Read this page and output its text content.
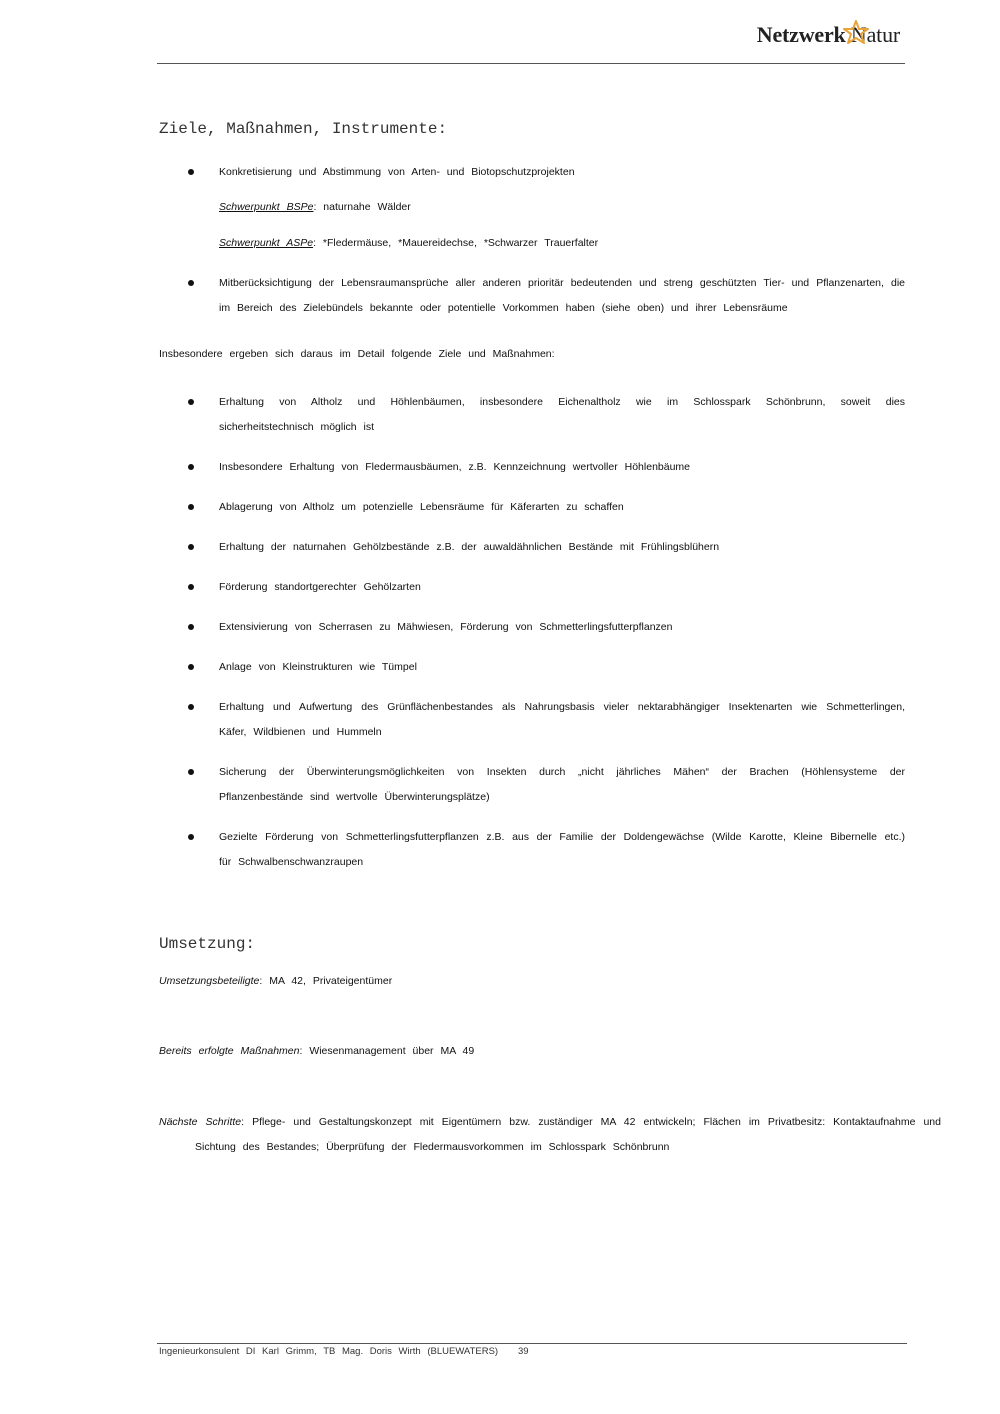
Netzwerk Natur
Ziele, Maßnahmen, Instrumente:
Konkretisierung und Abstimmung von Arten- und Biotopschutzprojekten
Schwerpunkt BSPe: naturnahe Wälder
Schwerpunkt ASPe: *Fledermäuse, *Mauereidechse, *Schwarzer Trauerfalter
Mitberücksichtigung der Lebensraumansprüche aller anderen prioritär bedeutenden und streng geschützten Tier- und Pflanzenarten, die im Bereich des Zielebündels bekannte oder potentielle Vorkommen haben (siehe oben) und ihrer Lebensräume
Insbesondere ergeben sich daraus im Detail folgende Ziele und Maßnahmen:
Erhaltung von Altholz und Höhlenbäumen, insbesondere Eichenaltholz wie im Schlosspark Schönbrunn, soweit dies sicherheitstechnisch möglich ist
Insbesondere Erhaltung von Fledermausbäumen, z.B. Kennzeichnung wertvoller Höhlenbäume
Ablagerung von Altholz um potenzielle Lebensräume für Käferarten zu schaffen
Erhaltung der naturnahen Gehölzbestände z.B. der auwaldähnlichen Bestände mit Frühlingsblühern
Förderung standortgerechter Gehölzarten
Extensivierung von Scherrasen zu Mähwiesen, Förderung von Schmetterlingsfutterpflanzen
Anlage von Kleinstrukturen wie Tümpel
Erhaltung und Aufwertung des Grünflächenbestandes als Nahrungsbasis vieler nektarabhängiger Insektenarten wie Schmetterlingen, Käfer, Wildbienen und Hummeln
Sicherung der Überwinterungsmöglichkeiten von Insekten durch „nicht jährliches Mähen“ der Brachen (Höhlensysteme der Pflanzenbestände sind wertvolle Überwinterungsplätze)
Gezielte Förderung von Schmetterlingsfutterpflanzen z.B. aus der Familie der Doldengewächse (Wilde Karotte, Kleine Bibernelle etc.) für Schwalbenschwanzraupen
Umsetzung:
Umsetzungsbeteiligte: MA 42, Privateigentümer
Bereits erfolgte Maßnahmen: Wiesenmanagement über MA 49
Nächste Schritte: Pflege- und Gestaltungskonzept mit Eigentümern bzw. zuständiger MA 42 entwickeln; Flächen im Privatbesitz: Kontaktaufnahme und Sichtung des Bestandes; Überprüfung der Fledermausvorkommen im Schlosspark Schönbrunn
Ingenieurkonsulent DI Karl Grimm, TB Mag. Doris Wirth (BLUEWATERS) 39
